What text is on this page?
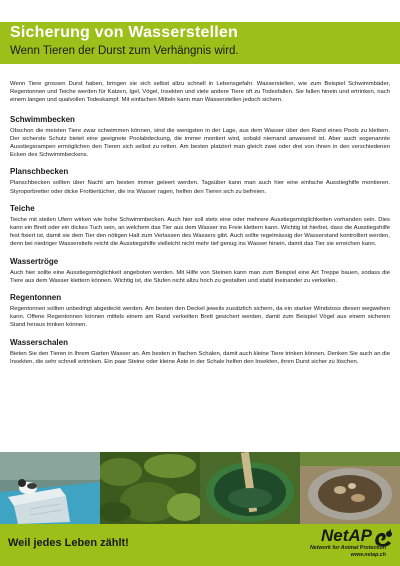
Sicherung von Wasserstellen
Wenn Tieren der Durst zum Verhängnis wird.

Wenn Tiere grossen Durst haben, bringen sie sich selbst allzu schnell in Lebensgefahr. Wasserstellen, wie zum Beispiel Schwimmbäder, Regentonnen und Teiche werden für Katzen, Igel, Vögel, Insekten und viele andere Tiere oft zu Todesfallen. Sie fallen hinein und ertrinken, nach einem langen und qualvollen Todeskampf. Mit einfachen Mitteln kann man Wasserstellen jedoch sichern.

Schwimmbecken

Obschon die meisten Tiere zwar schwimmen können, sind die wenigsten in der Lage, aus dem Wasser über den Rand eines Pools zu klettern. Der sicherste Schutz bietet eine geeignete Poolabdeckung, die immer montiert wird, sobald niemand anwesend ist. Aber auch sogenannte Ausstiegsrampen ermöglichen den Tieren sich selbst zu retten. Am besten platziert man gleich zwei oder drei von ihnen in den verschiedenen Ecken des Schwimmbeckens.

Planschbecken

Planschbecken sollten über Nacht am besten immer geleert werden. Tagsüber kann man auch hier eine einfache Ausstieghilfe montieren. Styroporbretter oder dicke Frottiertücher, die ins Wasser ragen, helfen den Tieren sich zu befreien.

Teiche

Teiche mit steilen Ufern wirken wie hohe Schwimmbecken. Auch hier soll stets eine oder mehrere Ausstiegsmöglichkeiten vorhanden sein. Dies kann ein Brett oder ein dickes Tuch sein, an welchem das Tier aus dem Wasser ins Freie klettern kann. Wichtig ist hierbei, dass die Ausstiegshilfe fest fixiert ist, damit sie dem Tier den nötigen Halt zum Verlassen des Wassers gibt. Auch sollte regelmässig der Wasserstand kontrolliert werden, denn bei niedriger Wasserstiefe reicht die Ausstiegshilfe vielleicht nicht mehr tief genug ins Wasser hinein, damit das Tier sie erreichen kann.

Wassertröge

Auch hier sollte eine Ausstiegsmöglichkeit angeboten werden. Mit Hilfe von Steinen kann man zum Beispiel eine Art Treppe bauen, sodass die Tiere aus dem Wasser klettern können. Wichtig ist, die Stufen nicht allzu hoch zu gestalten und stabil ineinander zu verkeilen.

Regentonnen

Regentonnen sollten unbedingt abgedeckt werden. Am besten den Deckel jeweils zusätzlich sichern, da ein starker Windstoss diesen wegwehen kann. Offene Regentonnen können mittels einem am Rand verkeilten Brett gesichert werden, damit zum Beispiel Vögel aus einem sicheren Stand heraus trinken können.

Wasserschalen

Bieten Sie den Tieren in Ihrem Garten Wasser an. Am besten in flachen Schalen, damit auch kleine Tiere trinken können. Denken Sie auch an die Insekten, die sehr schnell ertrinken. Ein paar Steine oder kleine Äste in der Schale helfen den Insekten, ihren Durst sicher zu löschen.

Weil jedes Leben zählt!	NetAP
Network for Animal Protection
www.netap.ch
